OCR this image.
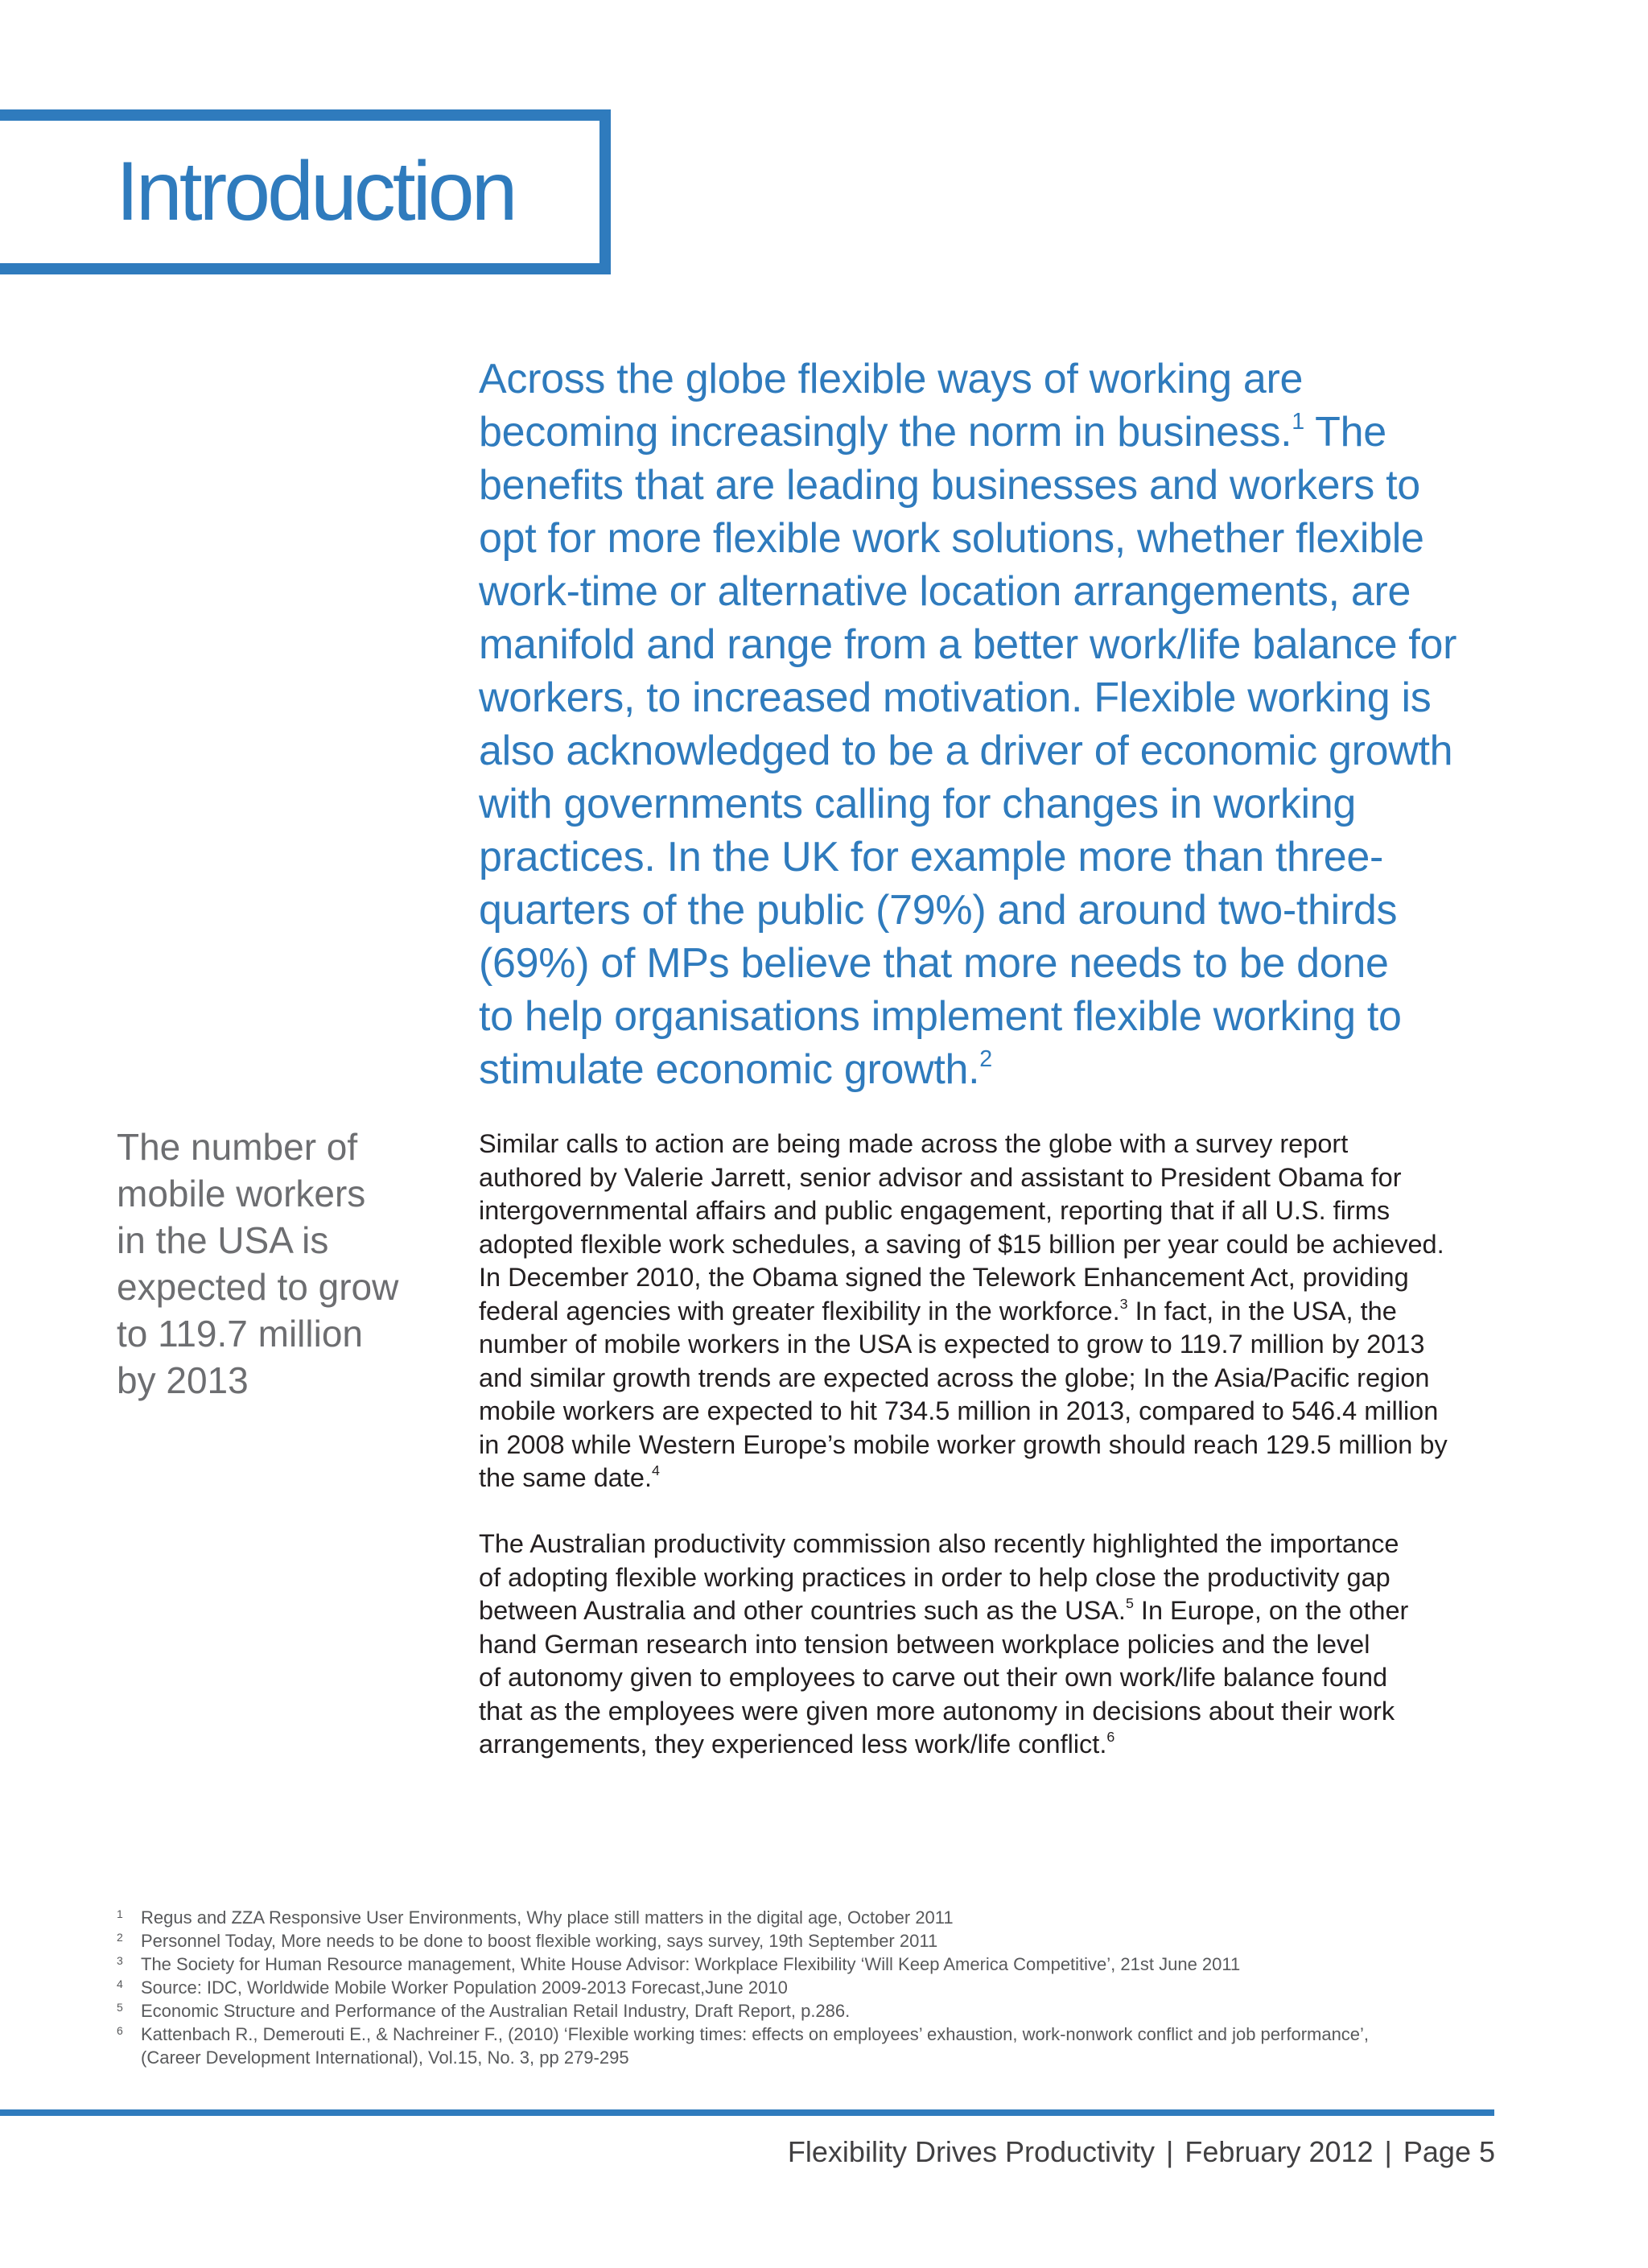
Introduction

Across the globe flexible ways of working are
becoming increasingly the norm in business.$^1$ The
benefits that are leading businesses and workers to
opt for more flexible work solutions, whether flexible
work-time or alternative location arrangements, are
manifold and range from a better work/life balance for
workers, to increased motivation. Flexible working is
also acknowledged to be a driver of economic growth
with governments calling for changes in working
practices. In the UK for example more than three-
quarters of the public (79%) and around two-thirds
(69%) of MPs believe that more needs to be done
to help organisations implement flexible working to
stimulate economic growth.$^2$

The number of
mobile workers
in the USA is
expected to grow
to 119.7 million
by 2013

Similar calls to action are being made across the globe with a survey report
authored by Valerie Jarrett, senior advisor and assistant to President Obama for
intergovernmental affairs and public engagement, reporting that if all U.S. firms
adopted flexible work schedules, a saving of $15 billion per year could be achieved.
In December 2010, the Obama signed the Telework Enhancement Act, providing
federal agencies with greater flexibility in the workforce.$^3$ In fact, in the USA, the
number of mobile workers in the USA is expected to grow to 119.7 million by 2013
and similar growth trends are expected across the globe; In the Asia/Pacific region
mobile workers are expected to hit 734.5 million in 2013, compared to 546.4 million
in 2008 while Western Europe’s mobile worker growth should reach 129.5 million by
the same date.$^4$

The Australian productivity commission also recently highlighted the importance
of adopting flexible working practices in order to help close the productivity gap
between Australia and other countries such as the USA.$^5$ In Europe, on the other
hand German research into tension between workplace policies and the level
of autonomy given to employees to carve out their own work/life balance found
that as the employees were given more autonomy in decisions about their work
arrangements, they experienced less work/life conflict.$^6$

1 Regus and ZZA Responsive User Environments, Why place still matters in the digital age, October 2011
2 Personnel Today, More needs to be done to boost flexible working, says survey, 19th September 2011
3 The Society for Human Resource management, White House Advisor: Workplace Flexibility ‘Will Keep America Competitive’, 21st June 2011
4 Source: IDC, Worldwide Mobile Worker Population 2009-2013 Forecast,June 2010
5 Economic Structure and Performance of the Australian Retail Industry, Draft Report, p.286.
6 Kattenbach R., Demerouti E., & Nachreiner F., (2010) ‘Flexible working times: effects on employees’ exhaustion, work-nonwork conflict and job performance’,
(Career Development International), Vol.15, No. 3, pp 279-295
Flexibility Drives Productivity | February 2012 | Page 5
